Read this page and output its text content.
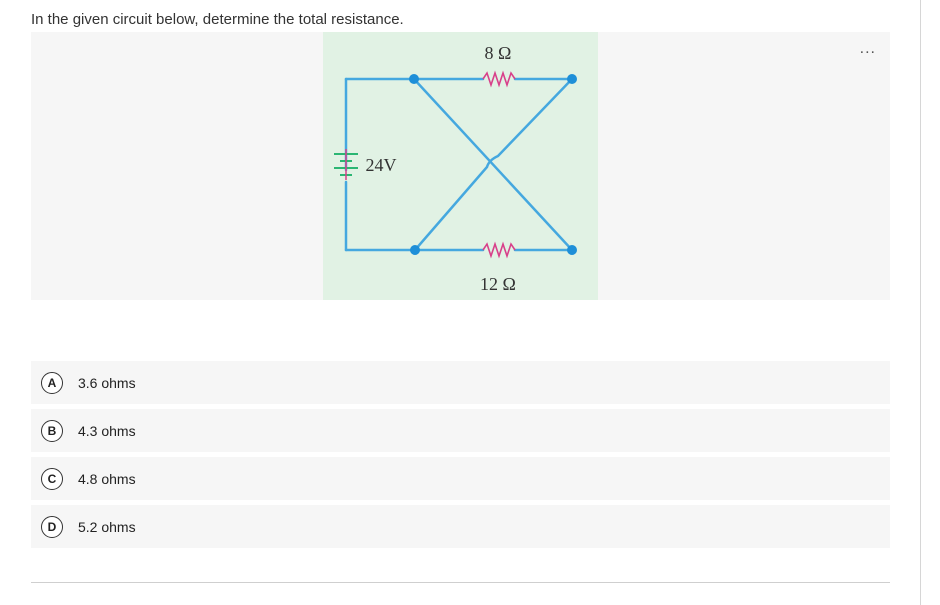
In the given circuit below, determine the total resistance.
...
8 Ω
24V
12 Ω
A	3.6 ohms
B	4.3 ohms
C	4.8 ohms
D	5.2 ohms
